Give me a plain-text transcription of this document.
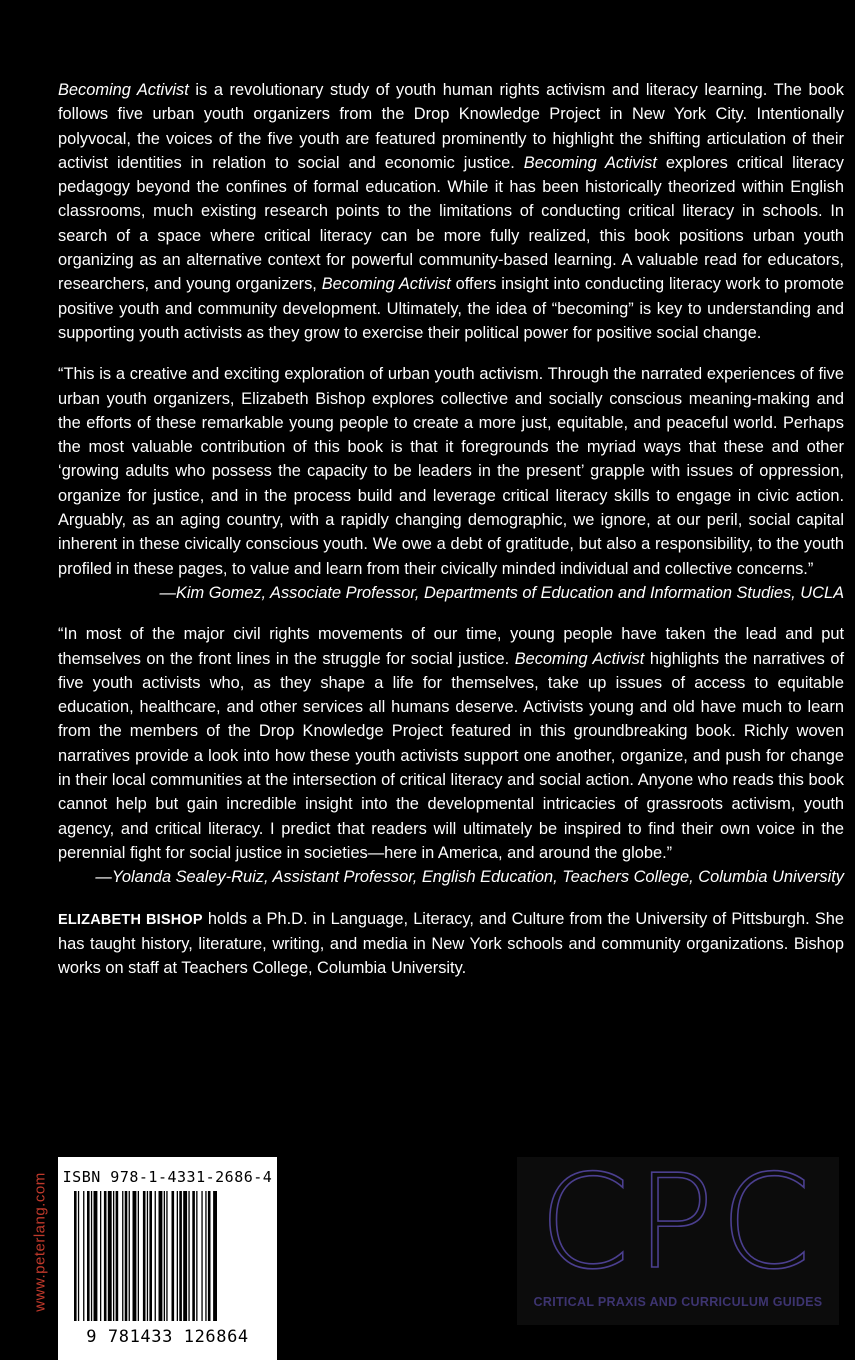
Becoming Activist is a revolutionary study of youth human rights activism and literacy learning. The book follows five urban youth organizers from the Drop Knowledge Project in New York City. Intentionally polyvocal, the voices of the five youth are featured prominently to highlight the shifting articulation of their activist identities in relation to social and economic justice. Becoming Activist explores critical literacy pedagogy beyond the confines of formal education. While it has been historically theorized within English classrooms, much existing research points to the limitations of conducting critical literacy in schools. In search of a space where critical literacy can be more fully realized, this book positions urban youth organizing as an alternative context for powerful community-based learning. A valuable read for educators, researchers, and young organizers, Becoming Activist offers insight into conducting literacy work to promote positive youth and community development. Ultimately, the idea of “becoming” is key to understanding and supporting youth activists as they grow to exercise their political power for positive social change.

“This is a creative and exciting exploration of urban youth activism. Through the narrated experiences of five urban youth organizers, Elizabeth Bishop explores collective and socially conscious meaning-making and the efforts of these remarkable young people to create a more just, equitable, and peaceful world. Perhaps the most valuable contribution of this book is that it foregrounds the myriad ways that these and other ‘growing adults who possess the capacity to be leaders in the present’ grapple with issues of oppression, organize for justice, and in the process build and leverage critical literacy skills to engage in civic action. Arguably, as an aging country, with a rapidly changing demographic, we ignore, at our peril, social capital inherent in these civically conscious youth. We owe a debt of gratitude, but also a responsibility, to the youth profiled in these pages, to value and learn from their civically minded individual and collective concerns.”

—Kim Gomez, Associate Professor, Departments of Education and Information Studies, UCLA

“In most of the major civil rights movements of our time, young people have taken the lead and put themselves on the front lines in the struggle for social justice. Becoming Activist highlights the narratives of five youth activists who, as they shape a life for themselves, take up issues of access to equitable education, healthcare, and other services all humans deserve. Activists young and old have much to learn from the members of the Drop Knowledge Project featured in this groundbreaking book. Richly woven narratives provide a look into how these youth activists support one another, organize, and push for change in their local communities at the intersection of critical literacy and social action. Anyone who reads this book cannot help but gain incredible insight into the developmental intricacies of grassroots activism, youth agency, and critical literacy. I predict that readers will ultimately be inspired to find their own voice in the perennial fight for social justice in societies—here in America, and around the globe.”

—Yolanda Sealey-Ruiz, Assistant Professor, English Education, Teachers College, Columbia University

ELIZABETH BISHOP holds a Ph.D. in Language, Literacy, and Culture from the University of Pittsburgh. She has taught history, literature, writing, and media in New York schools and community organizations. Bishop works on staff at Teachers College, Columbia University.

www.peterlang.com ISBN 978-1-4331-2686-4
9 781433 126864
CPC
CRITICAL PRAXIS AND CURRICULUM GUIDES
